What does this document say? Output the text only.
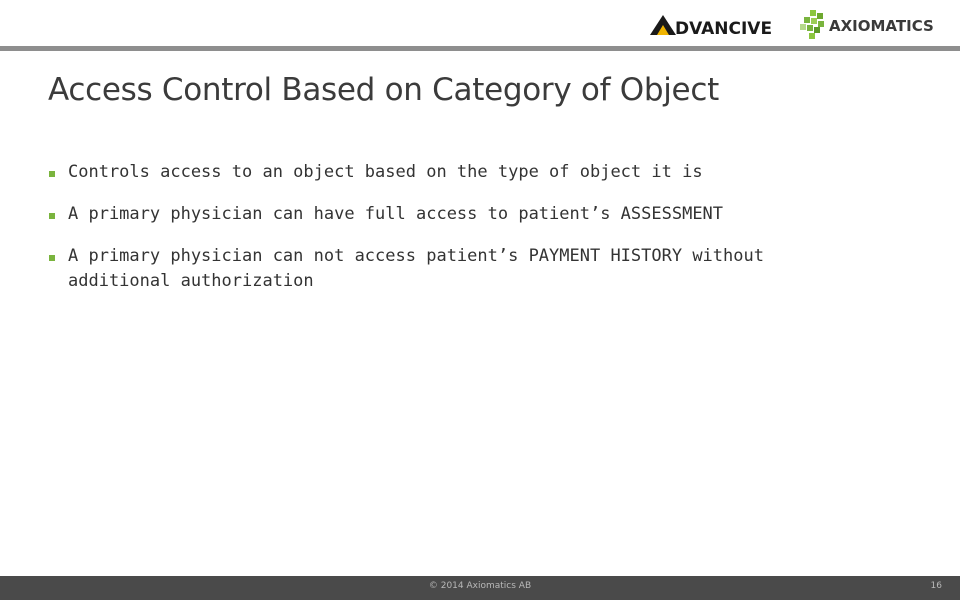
DVANCIVE	AXIOMATICS
Access Control Based on Category of Object
Controls access to an object based on the type of object it is
A primary physician can have full access to patient’s ASSESSMENT
A primary physician can not access patient’s PAYMENT HISTORY without additional authorization
© 2014 Axiomatics AB	16
